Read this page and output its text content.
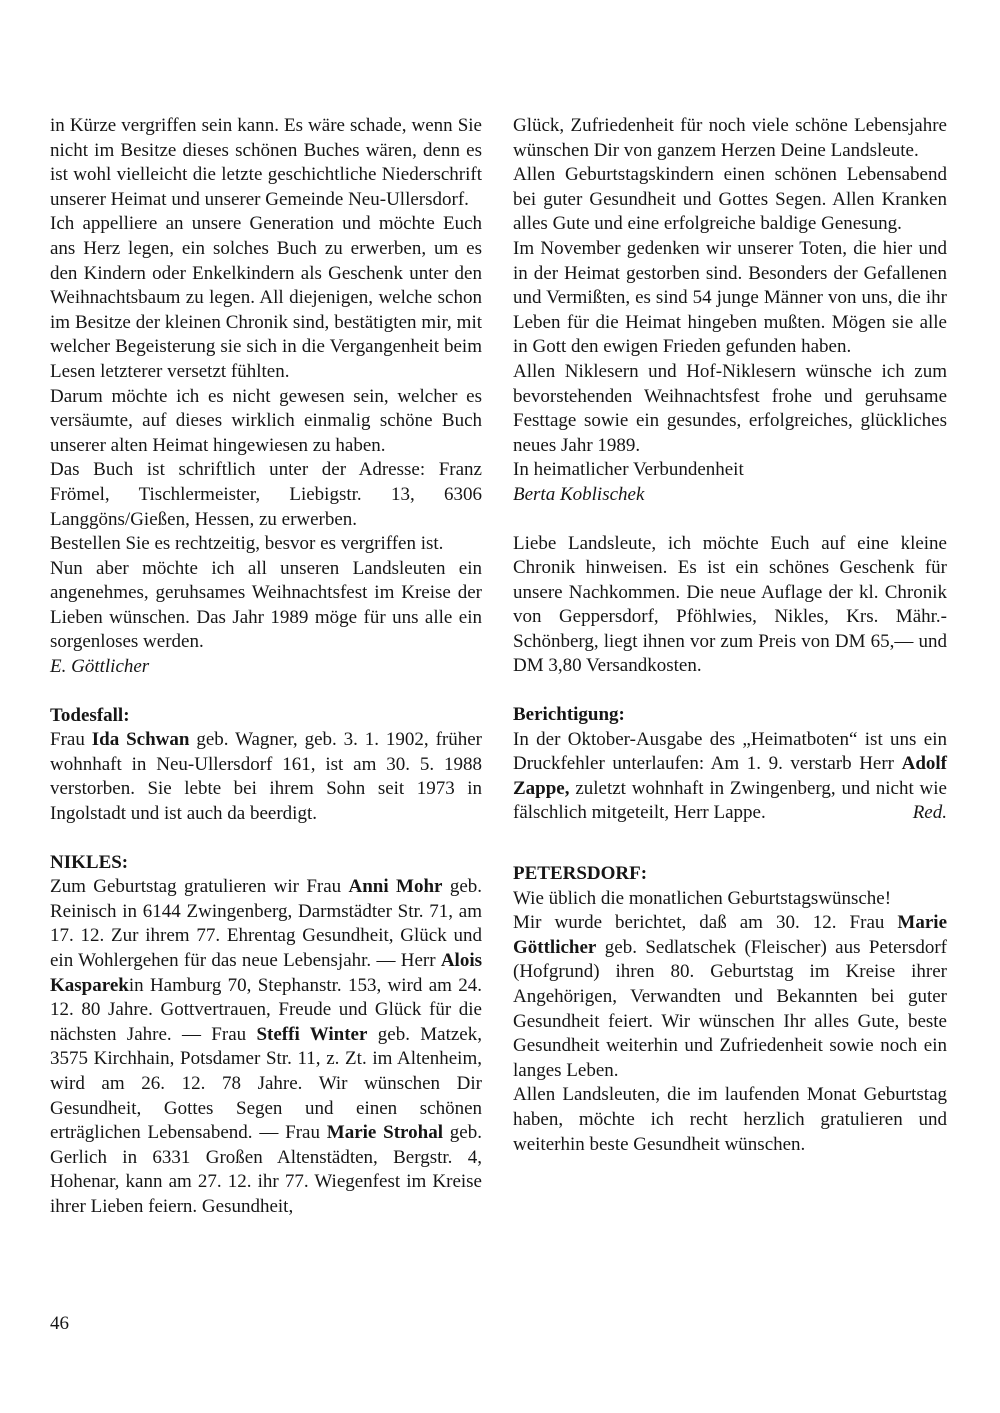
in Kürze vergriffen sein kann. Es wäre schade, wenn Sie nicht im Besitze dieses schönen Buches wären, denn es ist wohl vielleicht die letzte geschichtliche Niederschrift unserer Heimat und unserer Gemeinde Neu-Ullersdorf.

Ich appelliere an unsere Generation und möchte Euch ans Herz legen, ein solches Buch zu erwerben, um es den Kindern oder Enkelkindern als Geschenk unter den Weihnachtsbaum zu legen. All diejenigen, welche schon im Besitze der kleinen Chronik sind, bestätigten mir, mit welcher Begeisterung sie sich in die Vergangenheit beim Lesen letzterer versetzt fühlten.

Darum möchte ich es nicht gewesen sein, welcher es versäumte, auf dieses wirklich einmalig schöne Buch unserer alten Heimat hingewiesen zu haben.

Das Buch ist schriftlich unter der Adresse: Franz Frömel, Tischlermeister, Liebigstr. 13, 6306 Langgöns/Gießen, Hessen, zu erwerben.

Bestellen Sie es rechtzeitig, besvor es vergriffen ist.

Nun aber möchte ich all unseren Landsleuten ein angenehmes, geruhsames Weihnachtsfest im Kreise der Lieben wünschen. Das Jahr 1989 möge für uns alle ein sorgenloses werden.

E. Göttlicher

Todesfall:

Frau Ida Schwan geb. Wagner, geb. 3. 1. 1902, früher wohnhaft in Neu-Ullersdorf 161, ist am 30. 5. 1988 verstorben. Sie lebte bei ihrem Sohn seit 1973 in Ingolstadt und ist auch da beerdigt.

NIKLES:

Zum Geburtstag gratulieren wir Frau Anni Mohr geb. Reinisch in 6144 Zwingenberg, Darmstädter Str. 71, am 17. 12. Zur ihrem 77. Ehrentag Gesundheit, Glück und ein Wohlergehen für das neue Lebensjahr. — Herr Alois Kasparekin Hamburg 70, Stephanstr. 153, wird am 24. 12. 80 Jahre. Gottvertrauen, Freude und Glück für die nächsten Jahre. — Frau Steffi Winter geb. Matzek, 3575 Kirchhain, Potsdamer Str. 11, z. Zt. im Altenheim, wird am 26. 12. 78 Jahre. Wir wünschen Dir Gesundheit, Gottes Segen und einen schönen erträglichen Lebensabend. — Frau Marie Strohal geb. Gerlich in 6331 Großen Altenstädten, Bergstr. 4, Hohenar, kann am 27. 12. ihr 77. Wiegenfest im Kreise ihrer Lieben feiern. Gesundheit,

Glück, Zufriedenheit für noch viele schöne Lebensjahre wünschen Dir von ganzem Herzen Deine Landsleute.

Allen Geburtstagskindern einen schönen Lebensabend bei guter Gesundheit und Gottes Segen. Allen Kranken alles Gute und eine erfolgreiche baldige Genesung.

Im November gedenken wir unserer Toten, die hier und in der Heimat gestorben sind. Besonders der Gefallenen und Vermißten, es sind 54 junge Männer von uns, die ihr Leben für die Heimat hingeben mußten. Mögen sie alle in Gott den ewigen Frieden gefunden haben.

Allen Niklesern und Hof-Niklesern wünsche ich zum bevorstehenden Weihnachtsfest frohe und geruhsame Festtage sowie ein gesundes, erfolgreiches, glückliches neues Jahr 1989.

In heimatlicher Verbundenheit

Berta Koblischek

Liebe Landsleute, ich möchte Euch auf eine kleine Chronik hinweisen. Es ist ein schönes Geschenk für unsere Nachkommen. Die neue Auflage der kl. Chronik von Geppersdorf, Pföhlwies, Nikles, Krs. Mähr.-Schönberg, liegt ihnen vor zum Preis von DM 65,— und DM 3,80 Versandkosten.

Berichtigung:

In der Oktober-Ausgabe des „Heimatboten“ ist uns ein Druckfehler unterlaufen: Am 1. 9. verstarb Herr Adolf Zappe, zuletzt wohnhaft in Zwingenberg, und nicht wie fälschlich mitgeteilt, Herr Lappe.	Red.

PETERSDORF:

Wie üblich die monatlichen Geburtstagswünsche!

Mir wurde berichtet, daß am 30. 12. Frau Marie Göttlicher geb. Sedlatschek (Fleischer) aus Petersdorf (Hofgrund) ihren 80. Geburtstag im Kreise ihrer Angehörigen, Verwandten und Bekannten bei guter Gesundheit feiert. Wir wünschen Ihr alles Gute, beste Gesundheit weiterhin und Zufriedenheit sowie noch ein langes Leben.

Allen Landsleuten, die im laufenden Monat Geburtstag haben, möchte ich recht herzlich gratulieren und weiterhin beste Gesundheit wünschen.

46
